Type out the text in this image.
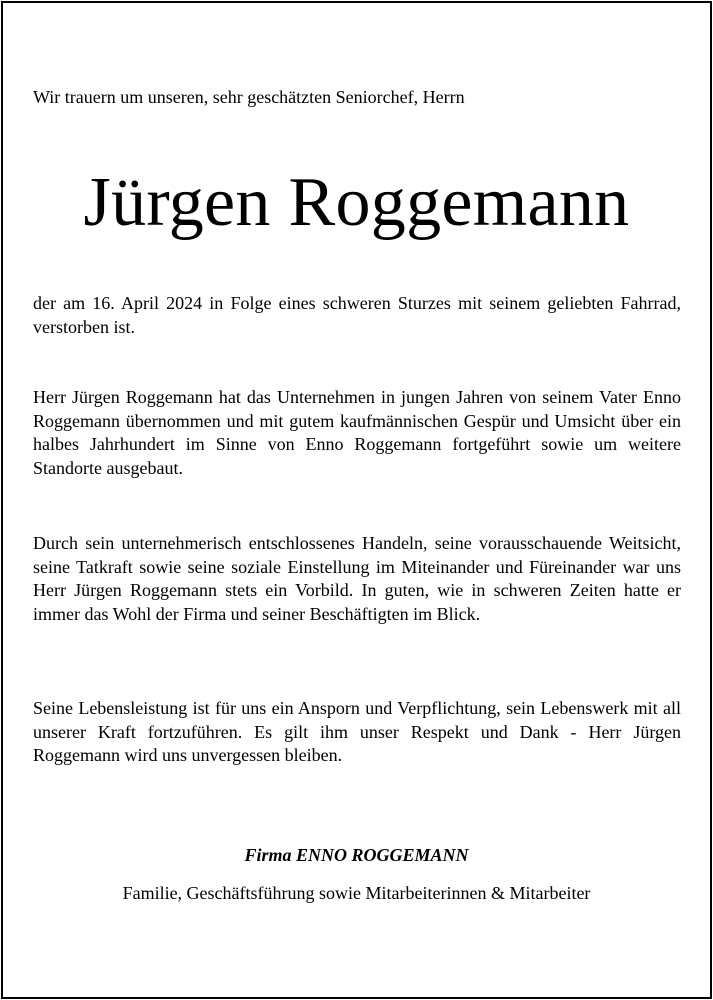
Wir trauern um unseren, sehr geschätzten Seniorchef, Herrn
Jürgen Roggemann
der am 16. April 2024 in Folge eines schweren Sturzes mit seinem geliebten Fahrrad, verstorben ist.
Herr Jürgen Roggemann hat das Unternehmen in jungen Jahren von seinem Vater Enno Roggemann übernommen und mit gutem kaufmännischen Gespür und Umsicht über ein halbes Jahrhundert im Sinne von Enno Roggemann fortgeführt sowie um weitere Standorte ausgebaut.
Durch sein unternehmerisch entschlossenes Handeln, seine vorausschauende Weitsicht, seine Tatkraft sowie seine soziale Einstellung im Miteinander und Füreinander war uns Herr Jürgen Roggemann stets ein Vorbild. In guten, wie in schweren Zeiten hatte er immer das Wohl der Firma und seiner Beschäftigten im Blick.
Seine Lebensleistung ist für uns ein Ansporn und Verpflichtung, sein Lebenswerk mit all unserer Kraft fortzuführen. Es gilt ihm unser Respekt und Dank - Herr Jürgen Roggemann wird uns unvergessen bleiben.
Firma ENNO ROGGEMANN
Familie, Geschäftsführung sowie Mitarbeiterinnen & Mitarbeiter
